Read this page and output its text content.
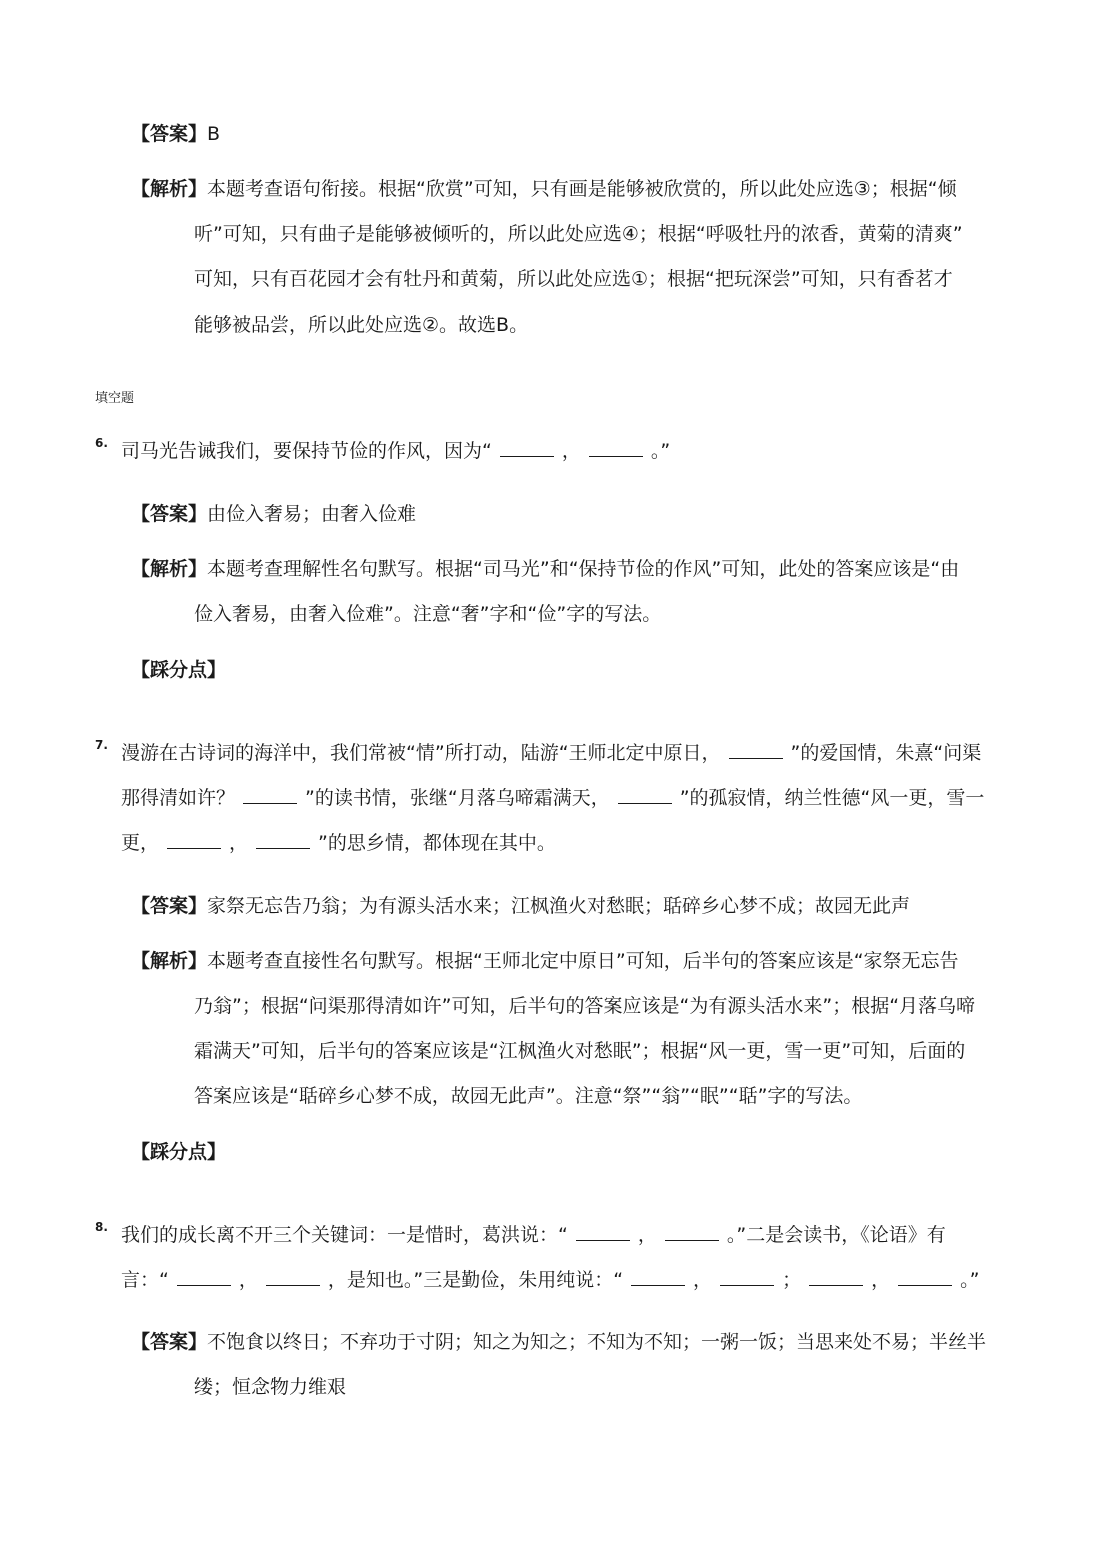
【答案】B
【解析】本题考查语句衔接。根据“欣赏”可知，只有画是能够被欣赏的，所以此处应选③；根据“倾
听”可知，只有曲子是能够被倾听的，所以此处应选④；根据“呼吸牡丹的浓香，黄菊的清爽”
可知，只有百花园才会有牡丹和黄菊，所以此处应选①；根据“把玩深尝”可知，只有香茗才
能够被品尝，所以此处应选②。故选B。
填空题
6. 司马光告诫我们，要保持节俭的作风，因为“	，	。”
【答案】由俭入奢易；由奢入俭难
【解析】本题考查理解性名句默写。根据“司马光”和“保持节俭的作风”可知，此处的答案应该是“由
俭入奢易，由奢入俭难”。注意“奢”字和“俭”字的写法。
【踩分点】
7. 漫游在古诗词的海洋中，我们常被“情”所打动，陆游“王师北定中原日，	”的爱国情，朱熹“问渠
那得清如许？	”的读书情，张继“月落乌啼霜满天，	”的孤寂情，纳兰性德“风一更，雪一
更，	，	”的思乡情，都体现在其中。
【答案】家祭无忘告乃翁；为有源头活水来；江枫渔火对愁眠；聒碎乡心梦不成；故园无此声
【解析】本题考查直接性名句默写。根据“王师北定中原日”可知，后半句的答案应该是“家祭无忘告
乃翁”；根据“问渠那得清如许”可知，后半句的答案应该是“为有源头活水来”；根据“月落乌啼
霜满天”可知，后半句的答案应该是“江枫渔火对愁眠”；根据“风一更，雪一更”可知，后面的
答案应该是“聒碎乡心梦不成，故园无此声”。注意“祭”“翁”“眠”“聒”字的写法。
【踩分点】
8. 我们的成长离不开三个关键词：一是惜时，葛洪说：“	，	。”二是会读书，《论语》有
言：“	，	，是知也。”三是勤俭，朱用纯说：“	，	；	，	。”
【答案】不饱食以终日；不弃功于寸阴；知之为知之；不知为不知；一粥一饭；当思来处不易；半丝半
缕；恒念物力维艰
